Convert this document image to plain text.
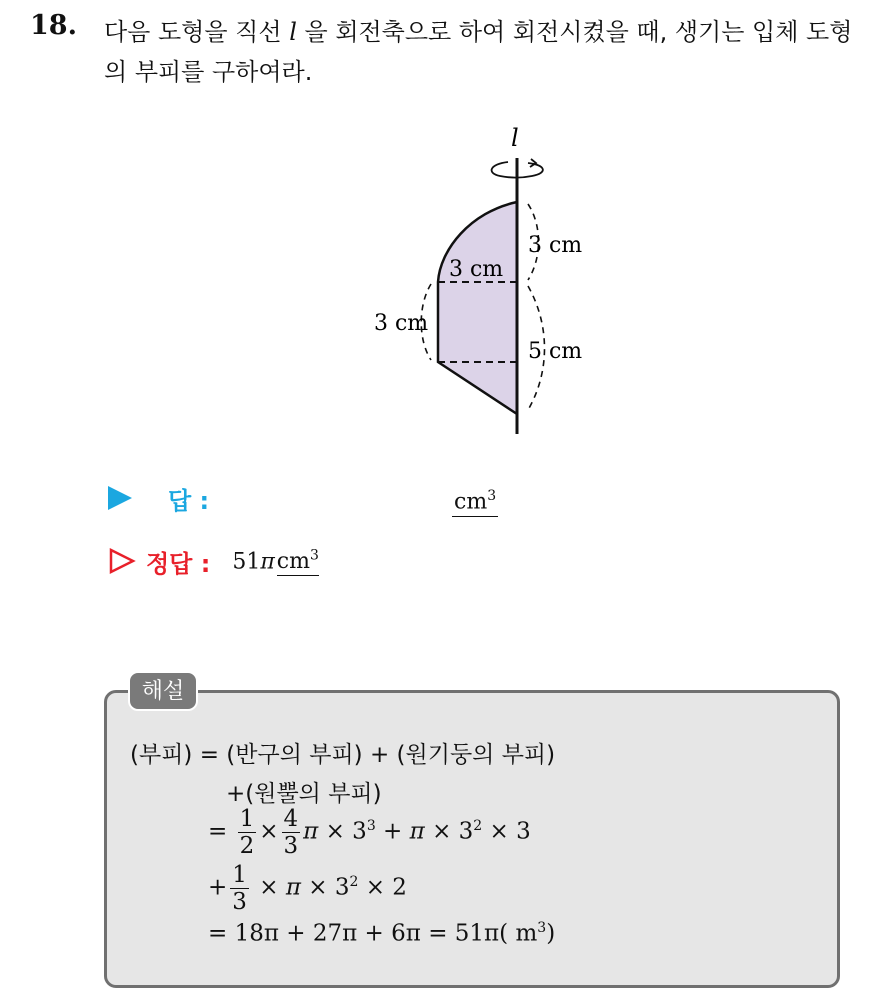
18. 다음 도형을 직선 l 을 회전축으로 하여 회전시켰을 때, 생기는 입체 도형의 부피를 구하여라.
l
3 cm
3 cm
3 cm
5 cm
답 :	$cm^3$
정답 : 51πcm$^3$
해설
(부피) = (반구의 부피) + (원기둥의 부피)
+(원뿔의 부피)
= $\frac{1}{2} \times \frac{4}{3}$ $\pi \times 3^3 + \pi \times 3^2 \times 3$
+ $\frac{1}{3} \times \pi \times 3^2 \times 2$
= 18π + 27π + 6π = 51π( $m^3$)
